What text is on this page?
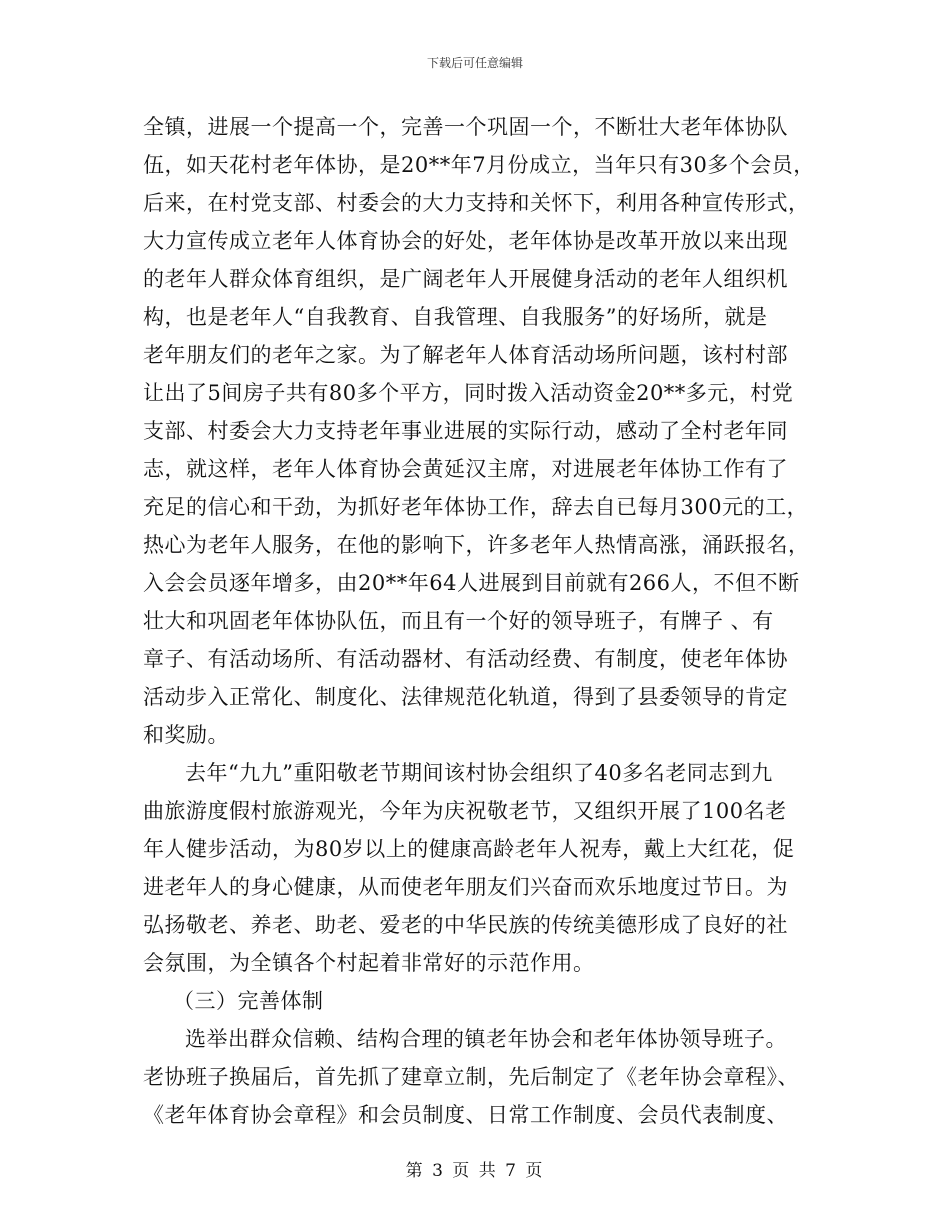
下载后可任意编辑
全镇，进展一个提高一个，完善一个巩固一个，不断壮大老年体协队
伍，如天花村老年体协，是20**年7月份成立，当年只有30多个会员，
后来，在村党支部、村委会的大力支持和关怀下，利用各种宣传形式，
大力宣传成立老年人体育协会的好处，老年体协是改革开放以来出现
的老年人群众体育组织，是广阔老年人开展健身活动的老年人组织机
构，也是老年人“自我教育、自我管理、自我服务”的好场所，就是
老年朋友们的老年之家。为了解老年人体育活动场所问题，该村村部
让出了5间房子共有80多个平方，同时拨入活动资金20**多元，村党
支部、村委会大力支持老年事业进展的实际行动，感动了全村老年同
志，就这样，老年人体育协会黄延汉主席，对进展老年体协工作有了
充足的信心和干劲，为抓好老年体协工作，辞去自已每月300元的工，
热心为老年人服务，在他的影响下，许多老年人热情高涨，涌跃报名，
入会会员逐年增多，由20**年64人进展到目前就有266人，不但不断
壮大和巩固老年体协队伍，而且有一个好的领导班子，有牌子 、有
章子、有活动场所、有活动器材、有活动经费、有制度，使老年体协
活动步入正常化、制度化、法律规范化轨道，得到了县委领导的肯定
和奖励。
去年“九九”重阳敬老节期间该村协会组织了40多名老同志到九
曲旅游度假村旅游观光，今年为庆祝敬老节，又组织开展了100名老
年人健步活动，为80岁以上的健康高龄老年人祝寿，戴上大红花，促
进老年人的身心健康，从而使老年朋友们兴奋而欢乐地度过节日。为
弘扬敬老、养老、助老、爱老的中华民族的传统美德形成了良好的社
会氛围，为全镇各个村起着非常好的示范作用。
（三）完善体制
选举出群众信赖、结构合理的镇老年协会和老年体协领导班子。
老协班子换届后，首先抓了建章立制，先后制定了《老年协会章程》、
《老年体育协会章程》和会员制度、日常工作制度、会员代表制度、
第 3 页 共 7 页
